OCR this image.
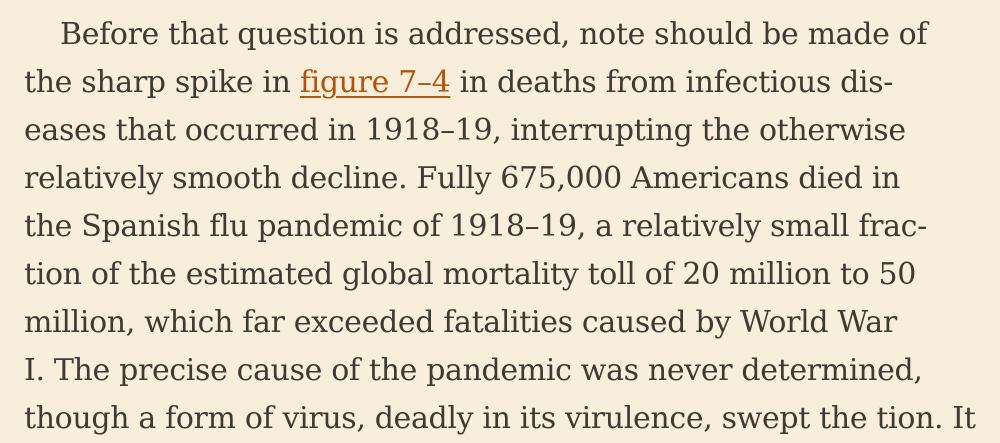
Before that question is addressed, note should be made of
the sharp spike in figure 7–4 in deaths from infectious dis-
eases that occurred in 1918–19, interrupting the otherwise
relatively smooth decline. Fully 675,000 Americans died in
the Spanish flu pandemic of 1918–19, a relatively small frac-
tion of the estimated global mortality toll of 20 million to 50
million, which far exceeded fatalities caused by World War
I. The precise cause of the pandemic was never determined,
though a form of virus, deadly in its virulence, swept the tion. It
